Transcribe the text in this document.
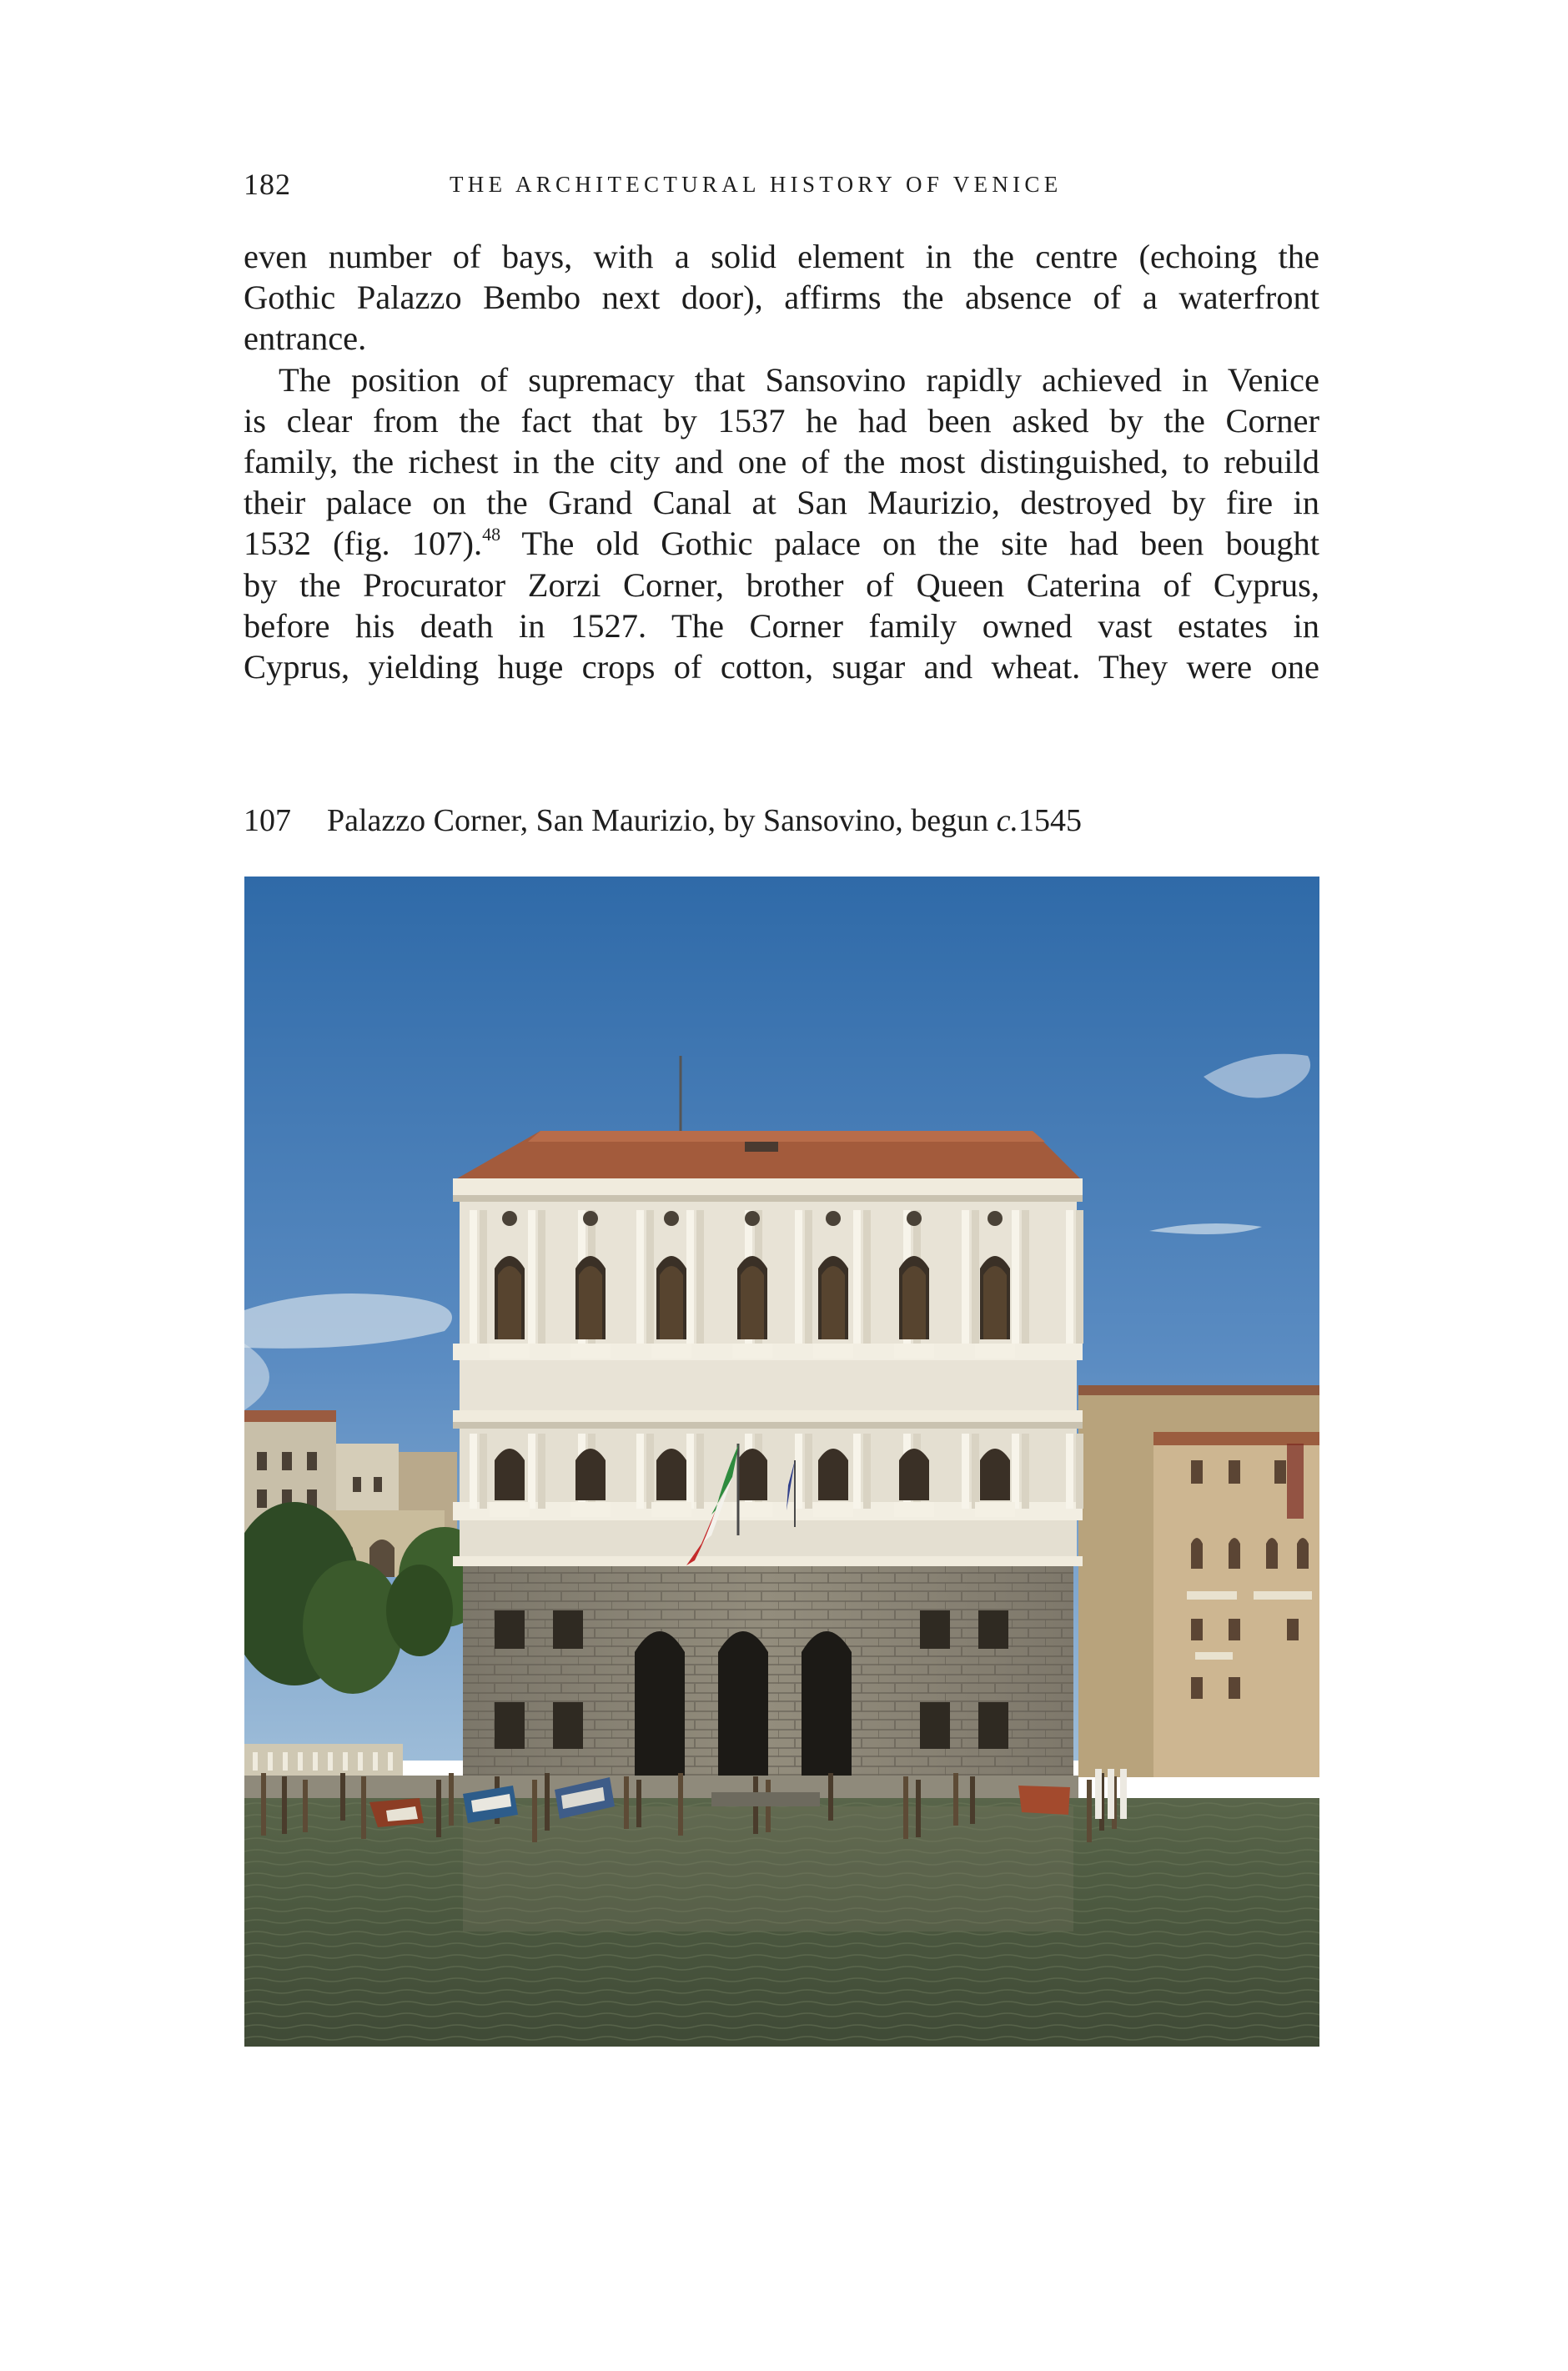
182	THE ARCHITECTURAL HISTORY OF VENICE
even number of bays, with a solid element in the centre (echoing the
Gothic Palazzo Bembo next door), affirms the absence of a waterfront
entrance.
The position of supremacy that Sansovino rapidly achieved in Venice
is clear from the fact that by 1537 he had been asked by the Corner
family, the richest in the city and one of the most distinguished, to rebuild
their palace on the Grand Canal at San Maurizio, destroyed by fire in
1532 (fig. 107).$^{48}$ The old Gothic palace on the site had been bought
by the Procurator Zorzi Corner, brother of Queen Caterina of Cyprus,
before his death in 1527. The Corner family owned vast estates in
Cyprus, yielding huge crops of cotton, sugar and wheat. They were one
107 Palazzo Corner, San Maurizio, by Sansovino, begun c.1545
